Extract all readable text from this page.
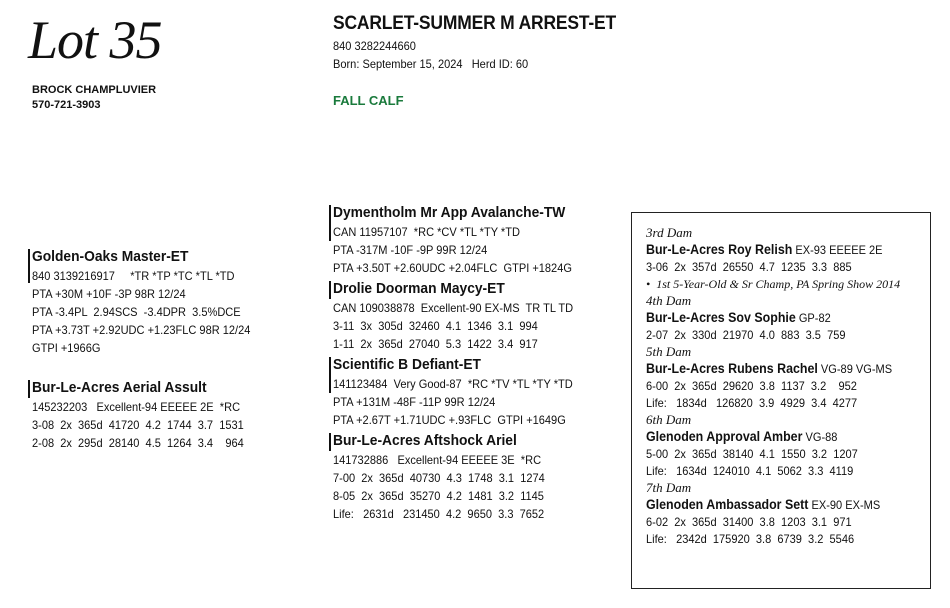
Lot 35
BROCK CHAMPLUVIER
570-721-3903
SCARLET-SUMMER M ARREST-ET
840 3282244660
Born: September 15, 2024   Herd ID: 60
FALL CALF
Golden-Oaks Master-ET
840 3139216917     *TR *TP *TC *TL *TD
PTA +30M +10F -3P 98R 12/24
PTA -3.4PL  2.94SCS  -3.4DPR  3.5%DCE
PTA +3.73T +2.92UDC +1.23FLC 98R 12/24
GTPI +1966G
Bur-Le-Acres Aerial Assult
145232203   Excellent-94 EEEEE 2E  *RC
3-08  2x  365d  41720  4.2  1744  3.7  1531
2-08  2x  295d  28140  4.5  1264  3.4    964
Dymentholm Mr App Avalanche-TW
CAN 11957107  *RC *CV *TL *TY *TD
PTA -317M -10F -9P 99R 12/24
PTA +3.50T +2.60UDC +2.04FLC  GTPI +1824G
Drolie Doorman Maycy-ET
CAN 109038878  Excellent-90 EX-MS  TR TL TD
3-11  3x  305d  32460  4.1  1346  3.1  994
1-11  2x  365d  27040  5.3  1422  3.4  917
Scientific B Defiant-ET
141123484  Very Good-87  *RC *TV *TL *TY *TD
PTA +131M -48F -11P 99R 12/24
PTA +2.67T +1.71UDC +.93FLC  GTPI +1649G
Bur-Le-Acres Aftshock Ariel
141732886   Excellent-94 EEEEE 3E  *RC
7-00  2x  365d  40730  4.3  1748  3.1  1274
8-05  2x  365d  35270  4.2  1481  3.2  1145
Life:   2631d   231450  4.2  9650  3.3  7652
3rd Dam
Bur-Le-Acres Roy Relish EX-93 EEEEE 2E
3-06  2x  357d  26550  4.7  1235  3.3  885
•  1st 5-Year-Old & Sr Champ, PA Spring Show 2014
4th Dam
Bur-Le-Acres Sov Sophie GP-82
2-07  2x  330d  21970  4.0  883  3.5  759
5th Dam
Bur-Le-Acres Rubens Rachel VG-89 VG-MS
6-00  2x  365d  29620  3.8  1137  3.2    952
Life:   1834d   126820  3.9  4929  3.4  4277
6th Dam
Glenoden Approval Amber VG-88
5-00  2x  365d  38140  4.1  1550  3.2  1207
Life:   1634d  124010  4.1  5062  3.3  4119
7th Dam
Glenoden Ambassador Sett EX-90 EX-MS
6-02  2x  365d  31400  3.8  1203  3.1  971
Life:   2342d  175920  3.8  6739  3.2  5546
